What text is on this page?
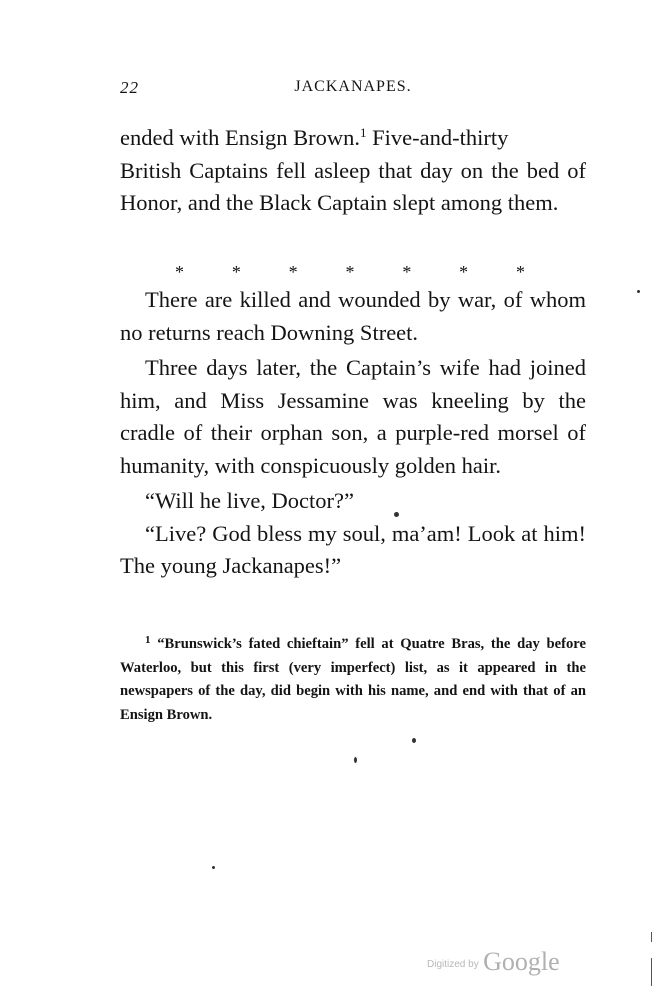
22	JACKANAPES.

ended with Ensign Brown.$^1$ Five-and-thirty

British Captains fell asleep that day on the bed of Honor, and the Black Captain slept among them.

*	*	*	*	*	*	*

There are killed and wounded by war, of whom no returns reach Downing Street.

Three days later, the Captain’s wife had joined him, and Miss Jessamine was kneeling by the cradle of their orphan son, a purple-red morsel of humanity, with conspicuously golden hair.

“Will he live, Doctor?”

“Live? God bless my soul, ma’am! Look at him! The young Jackanapes!”

$^1$ “Brunswick’s fated chieftain” fell at Quatre Bras, the day before Waterloo, but this first (very imperfect) list, as it appeared in the newspapers of the day, did begin with his name, and end with that of an Ensign Brown.

Digitized by Google
